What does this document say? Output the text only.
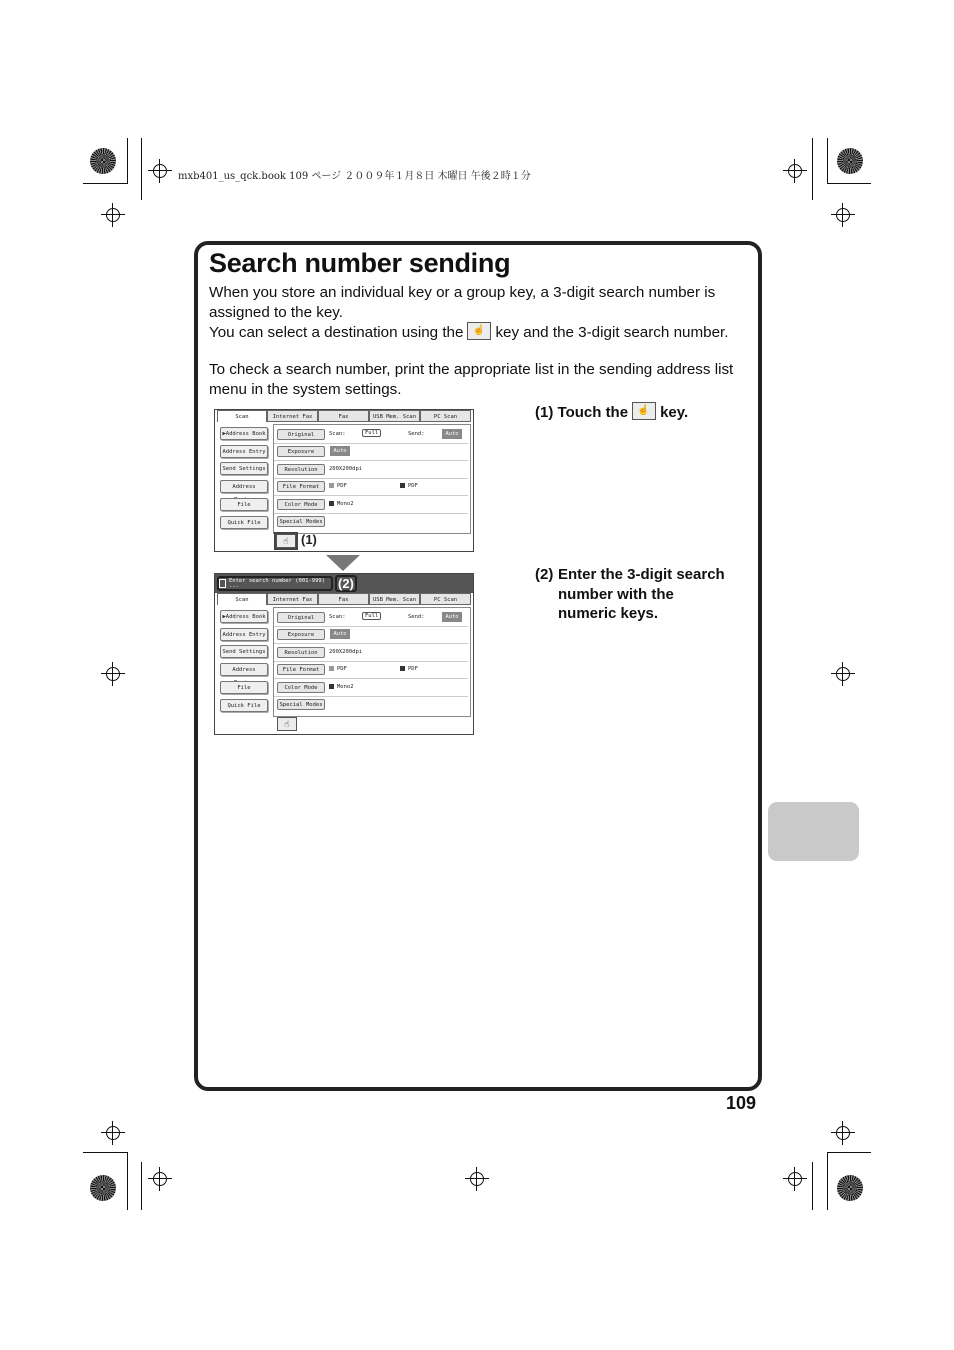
mxb401_us_qck.book 109 ページ ２００９年１月８日 木曜日 午後２時１分
Search number sending
When you store an individual key or a group key, a 3-digit search number is assigned to the key.
You can select a destination using the ☝ key and the 3-digit search number.
To check a search number, print the appropriate list in the sending address list menu in the system settings.
(1) Touch the ☝ key.
(2) Enter the 3-digit search number with the numeric keys.
Scan	Internet Fax	Fax	USB Mem. Scan	PC Scan
▶Address Book
Address Entry
Send Settings
Address
File
Quick File
Original	Scan:	Full	Send:	Auto
Exposure	Auto
Resolution	200X200dpi
File Format	PDF	PDF
Color Mode	Mono2
Special Modes
☝ (1)
Enter search number (001-999)
---	(2)
Scan	Internet Fax	Fax	USB Mem. Scan	PC Scan
▶Address Book
Address Entry
Send Settings
Address
File
Quick File
Original	Scan:	Full	Send:	Auto
Exposure	Auto
Resolution	200X200dpi
File Format	PDF	PDF
Color Mode	Mono2
Special Modes
☝
109
